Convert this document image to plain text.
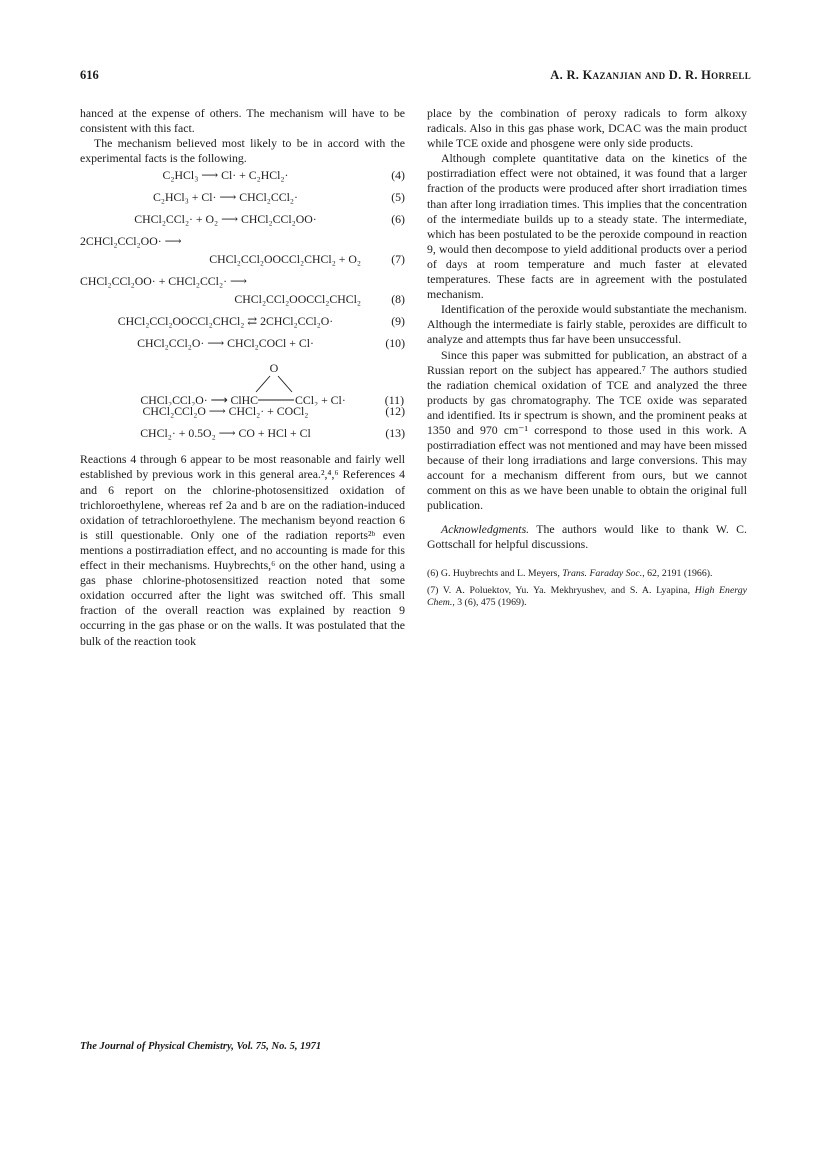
616	A. R. Kazanjian and D. R. Horrell

hanced at the expense of others. The mechanism will have to be consistent with this fact.

The mechanism believed most likely to be in accord with the experimental facts is the following.

C₂HCl₃ ⟶ Cl· + C₂HCl₂·	(4)
C₂HCl₃ + Cl· ⟶ CHCl₂CCl₂·	(5)
CHCl₂CCl₂· + O₂ ⟶ CHCl₂CCl₂OO·	(6)
2CHCl₂CCl₂OO· ⟶
CHCl₂CCl₂OOCCl₂CHCl₂ + O₂	(7)
CHCl₂CCl₂OO· + CHCl₂CCl₂· ⟶
CHCl₂CCl₂OOCCl₂CHCl₂	(8)
CHCl₂CCl₂OOCCl₂CHCl₂ ⇄ 2CHCl₂CCl₂O·	(9)
CHCl₂CCl₂O· ⟶ CHCl₂COCl + Cl·	(10)
O
CHCl₂CCl₂O· ⟶ ClHC	CCl₂ + Cl·	(11)
CHCl₂CCl₂O ⟶ CHCl₂· + COCl₂	(12)
CHCl₂· + 0.5O₂ ⟶ CO + HCl + Cl	(13)

Reactions 4 through 6 appear to be most reasonable and fairly well established by previous work in this general area.²,⁴,⁶ References 4 and 6 report on the chlorine-photosensitized oxidation of trichloroethylene, whereas ref 2a and b are on the radiation-induced oxidation of tetrachloroethylene. The mechanism beyond reaction 6 is still questionable. Only one of the radiation reports²ᵇ even mentions a postirradiation effect, and no accounting is made for this effect in their mechanisms. Huybrechts,⁶ on the other hand, using a gas phase chlorine-photosensitized reaction noted that some oxidation occurred after the light was switched off. This small fraction of the overall reaction was explained by reaction 9 occurring in the gas phase or on the walls. It was postulated that the bulk of the reaction took

place by the combination of peroxy radicals to form alkoxy radicals. Also in this gas phase work, DCAC was the main product while TCE oxide and phosgene were only side products.

Although complete quantitative data on the kinetics of the postirradiation effect were not obtained, it was found that a larger fraction of the products were produced after short irradiation times than after long irradiation times. This implies that the concentration of the intermediate builds up to a steady state. The intermediate, which has been postulated to be the peroxide compound in reaction 9, would then decompose to yield additional products over a period of days at room temperature and much faster at elevated temperatures. These facts are in agreement with the postulated mechanism.

Identification of the peroxide would substantiate the mechanism. Although the intermediate is fairly stable, peroxides are difficult to analyze and attempts thus far have been unsuccessful.

Since this paper was submitted for publication, an abstract of a Russian report on the subject has appeared.⁷ The authors studied the radiation chemical oxidation of TCE and analyzed the three products by gas chromatography. The TCE oxide was separated and identified. Its ir spectrum is shown, and the prominent peaks at 1350 and 970 cm⁻¹ correspond to those used in this work. A postirradiation effect was not mentioned and may have been missed because of their long irradiations and large conversions. This may account for a mechanism different from ours, but we cannot comment on this as we have been unable to obtain the original full publication.

Acknowledgments. The authors would like to thank W. C. Gottschall for helpful discussions.

(6) G. Huybrechts and L. Meyers, Trans. Faraday Soc., 62, 2191 (1966).
(7) V. A. Poluektov, Yu. Ya. Mekhryushev, and S. A. Lyapina, High Energy Chem., 3 (6), 475 (1969).
The Journal of Physical Chemistry, Vol. 75, No. 5, 1971
